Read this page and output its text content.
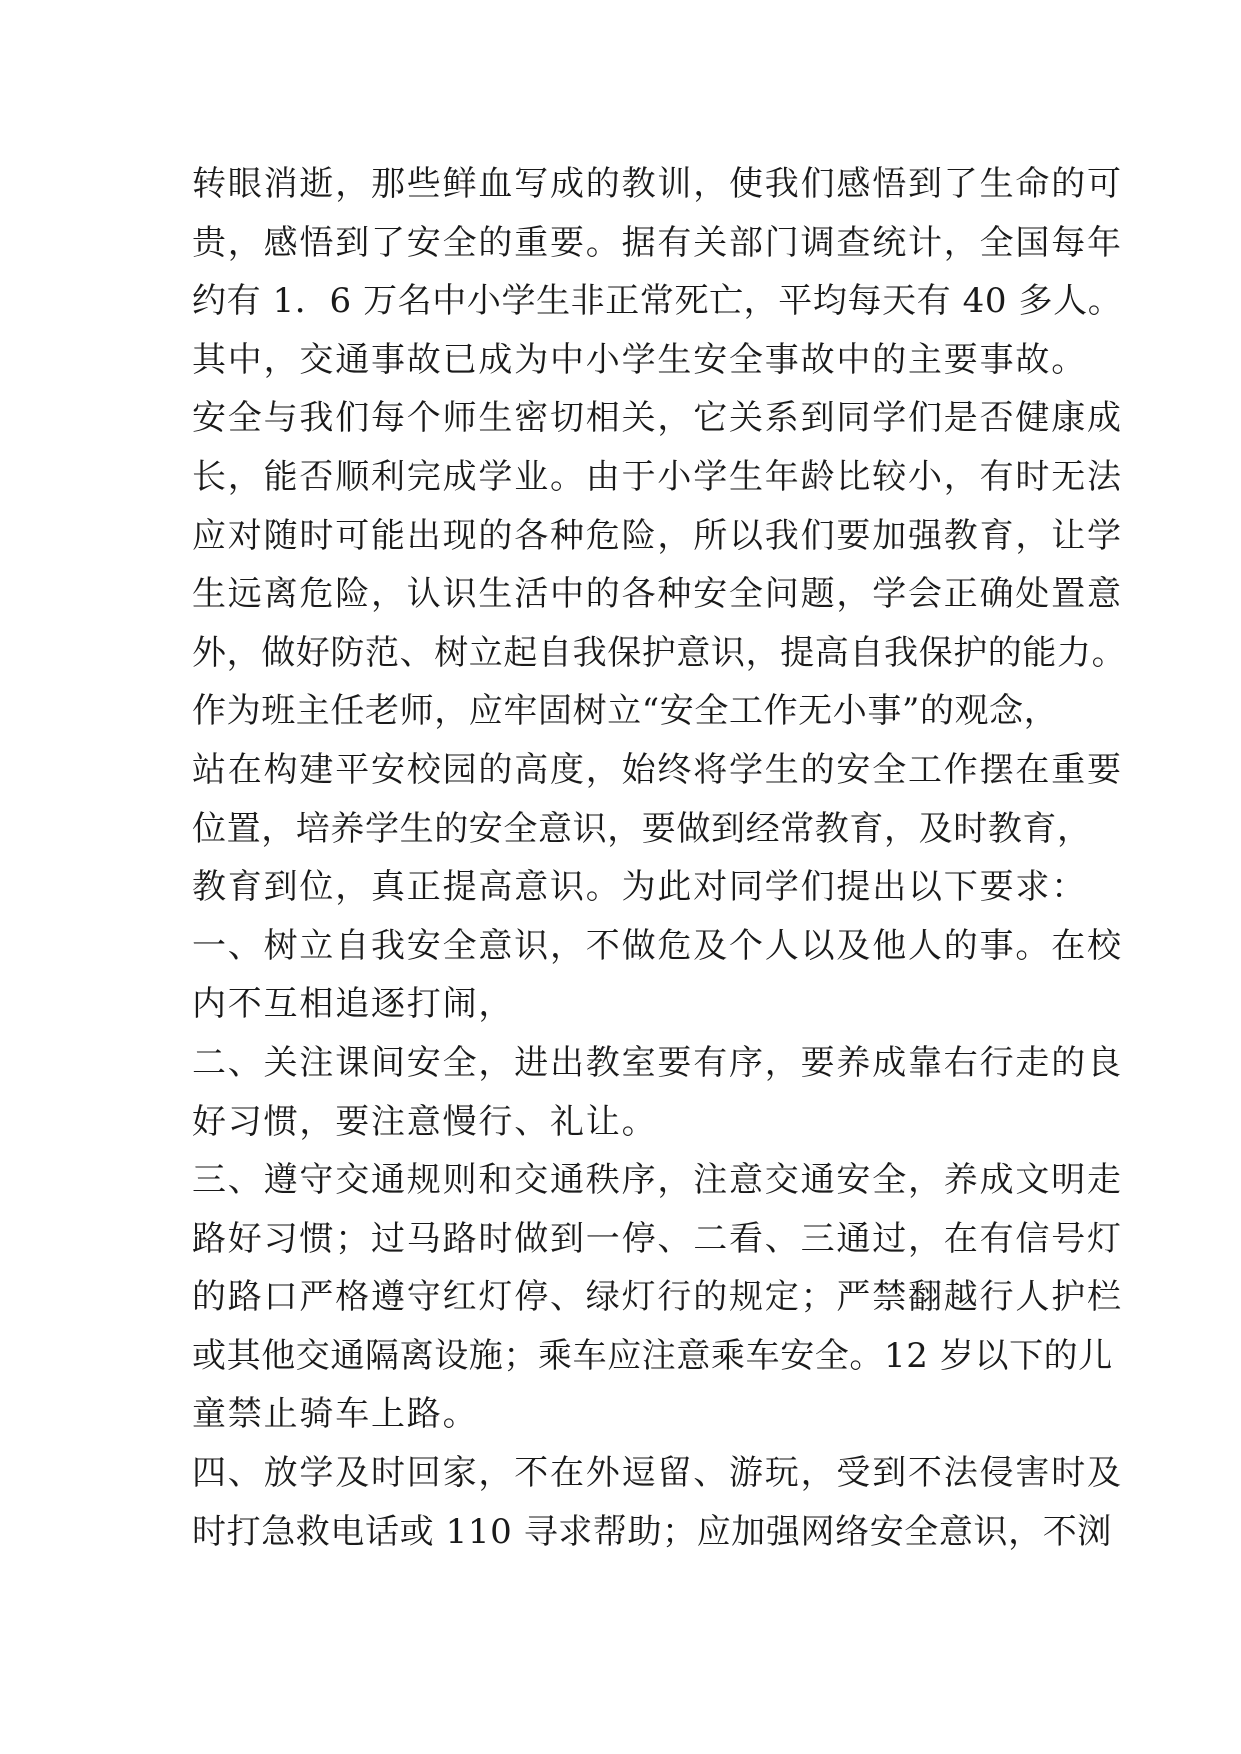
转眼消逝，那些鲜血写成的教训，使我们感悟到了生命的可
贵，感悟到了安全的重要。据有关部门调查统计，全国每年
约有 1．6 万名中小学生非正常死亡，平均每天有 40 多人。
其中，交通事故已成为中小学生安全事故中的主要事故。
安全与我们每个师生密切相关，它关系到同学们是否健康成
长，能否顺利完成学业。由于小学生年龄比较小，有时无法
应对随时可能出现的各种危险，所以我们要加强教育，让学
生远离危险，认识生活中的各种安全问题，学会正确处置意
外，做好防范、树立起自我保护意识，提高自我保护的能力。
作为班主任老师，应牢固树立“安全工作无小事”的观念，
站在构建平安校园的高度，始终将学生的安全工作摆在重要
位置，培养学生的安全意识，要做到经常教育，及时教育，
教育到位，真正提高意识。为此对同学们提出以下要求：
一、树立自我安全意识，不做危及个人以及他人的事。在校
内不互相追逐打闹，
二、关注课间安全，进出教室要有序，要养成靠右行走的良
好习惯，要注意慢行、礼让。
三、遵守交通规则和交通秩序，注意交通安全，养成文明走
路好习惯；过马路时做到一停、二看、三通过，在有信号灯
的路口严格遵守红灯停、绿灯行的规定；严禁翻越行人护栏
或其他交通隔离设施；乘车应注意乘车安全。12 岁以下的儿
童禁止骑车上路。
四、放学及时回家，不在外逗留、游玩，受到不法侵害时及
时打急救电话或 110 寻求帮助；应加强网络安全意识，不浏
